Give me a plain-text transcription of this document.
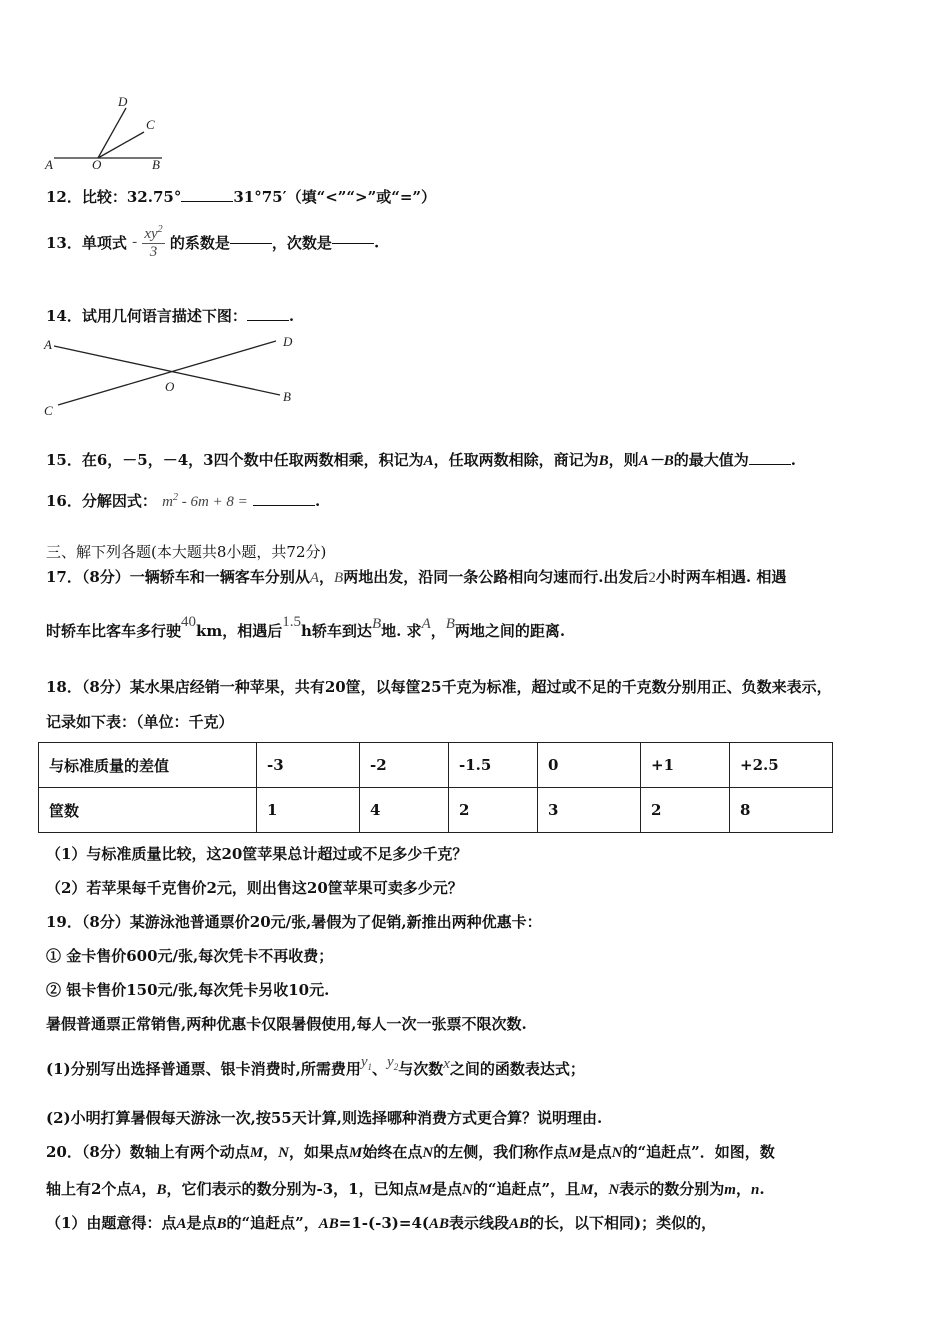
D
C
A	O	B
12．比较：32.75°	31°75′（填“<”“>”或“=”）
13．单项式 - $\frac{xy^2}{3}$ 的系数是	，次数是	.
14．试用几何语言描述下图：	.
A	D
O
C
B
15．在6，－5，－4，3四个数中任取两数相乘，积记为A，任取两数相除，商记为B，则A－B的最大值为	.
16．分解因式： $m^2 - 6m + 8$ =	.
三、解下列各题(本大题共8小题，共72分)
17．（8分）一辆轿车和一辆客车分别从A，B两地出发，沿同一条公路相向匀速而行.出发后2小时两车相遇. 相遇
时轿车比客车多行驶40km，相遇后1.5h轿车到达B地. 求A，B两地之间的距离.
18．（8分）某水果店经销一种苹果，共有20筐，以每筐25千克为标准，超过或不足的千克数分别用正、负数来表示，
记录如下表：（单位：千克）
与标准质量的差值	-3	-2	-1.5	0	+1	+2.5
筐数	1	4	2	3	2	8
（1）与标准质量比较，这20筐苹果总计超过或不足多少千克？
（2）若苹果每千克售价2元，则出售这20筐苹果可卖多少元？
19．（8分）某游泳池普通票价20元/张,暑假为了促销,新推出两种优惠卡：
① 金卡售价600元/张,每次凭卡不再收费；
② 银卡售价150元/张,每次凭卡另收10元.
暑假普通票正常销售,两种优惠卡仅限暑假使用,每人一次一张票不限次数.
(1)分别写出选择普通票、银卡消费时,所需费用$y_1$、$y_2$与次数x之间的函数表达式；
(2)小明打算暑假每天游泳一次,按55天计算,则选择哪种消费方式更合算？说明理由.
20．（8分）数轴上有两个动点M，N，如果点M始终在点N的左侧，我们称作点M是点N的“追赶点”．如图，数
轴上有2个点A，B，它们表示的数分别为-3，1，已知点M是点N的“追赶点”，且M，N表示的数分别为m，n.
（1）由题意得：点A是点B的“追赶点”，AB=1-(-3)=4(AB表示线段AB的长，以下相同)；类似的，
